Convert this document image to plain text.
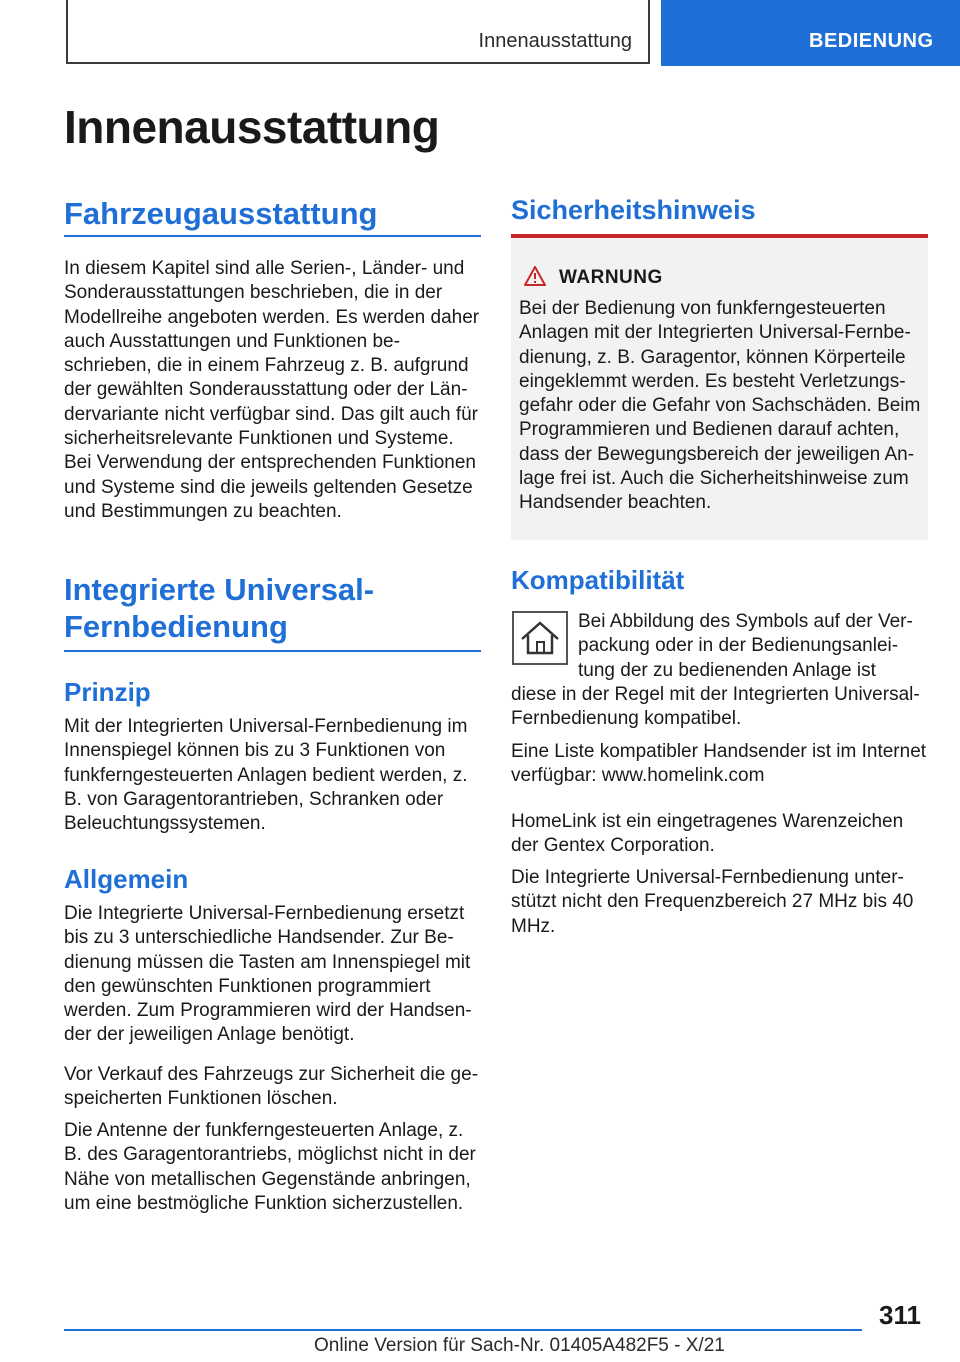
Innenausstattung	BEDIENUNG
Innenausstattung
Fahrzeugausstattung

In diesem Kapitel sind alle Serien-, Länder- und Sonderausstattungen beschrieben, die in der Modellreihe angeboten werden. Es werden daher auch Ausstattungen und Funktionen beschrieben, die in einem Fahrzeug z. B. aufgrund der gewählten Sonderausstattung oder der Ländervariante nicht verfügbar sind. Das gilt auch für sicherheitsrelevante Funktionen und Systeme. Bei Verwendung der entsprechenden Funktionen und Systeme sind die jeweils geltenden Gesetze und Bestimmungen zu beachten.

Integrierte Universal-
Fernbedienung
Prinzip

Mit der Integrierten Universal-Fernbedienung im Innenspiegel können bis zu 3 Funktionen von funkferngesteuerten Anlagen bedient werden, z. B. von Garagentorantrieben, Schranken oder Beleuchtungssystemen.

Allgemein

Die Integrierte Universal-Fernbedienung ersetzt bis zu 3 unterschiedliche Handsender. Zur Bedienung müssen die Tasten am Innenspiegel mit den gewünschten Funktionen programmiert werden. Zum Programmieren wird der Handsender der jeweiligen Anlage benötigt.

Vor Verkauf des Fahrzeugs zur Sicherheit die gespeicherten Funktionen löschen.

Die Antenne der funkferngesteuerten Anlage, z. B. des Garagentorantriebs, möglichst nicht in der Nähe von metallischen Gegenstände anbringen, um eine bestmögliche Funktion sicherzustellen.

Sicherheitshinweis
WARNUNG
Bei der Bedienung von funkferngesteuerten Anlagen mit der Integrierten Universal-Fernbedienung, z. B. Garagentor, können Körperteile eingeklemmt werden. Es besteht Verletzungsgefahr oder die Gefahr von Sachschäden. Beim Programmieren und Bedienen darauf achten, dass der Bewegungsbereich der jeweiligen Anlage frei ist. Auch die Sicherheitshinweise zum Handsender beachten.
Kompatibilität

Bei Abbildung des Symbols auf der Verpackung oder in der Bedienungsanleitung der zu bedienenden Anlage ist

diese in der Regel mit der Integrierten Universal-Fernbedienung kompatibel.

Eine Liste kompatibler Handsender ist im Internet verfügbar: www.homelink.com

HomeLink ist ein eingetragenes Warenzeichen der Gentex Corporation.

Die Integrierte Universal-Fernbedienung unterstützt nicht den Frequenzbereich 27 MHz bis 40 MHz.

311
Online Version für Sach-Nr. 01405A482F5 - X/21
